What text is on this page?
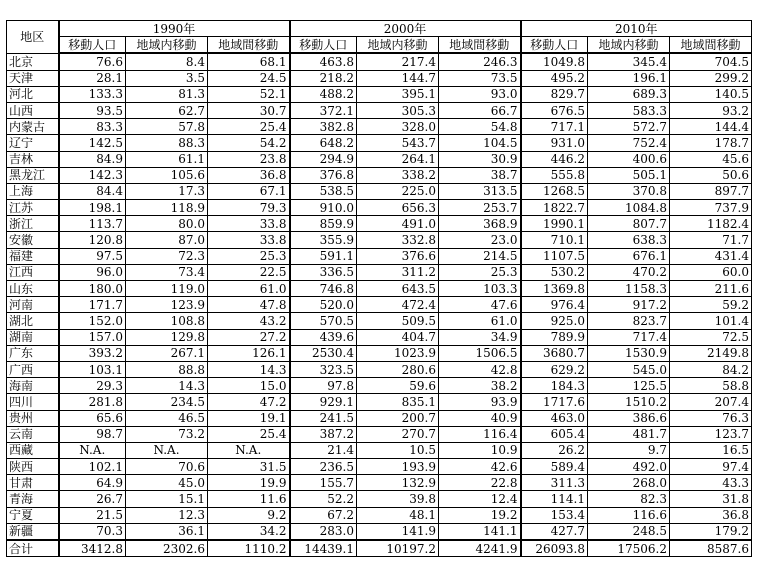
地区	1990年			2000年			2010年		
	移動人口	地域内移動	地域間移動	移動人口	地域内移動	地域間移動	移動人口	地域内移動	地域間移動
北京	76.6	8.4	68.1	463.8	217.4	246.3	1049.8	345.4	704.5
天津	28.1	3.5	24.5	218.2	144.7	73.5	495.2	196.1	299.2
河北	133.3	81.3	52.1	488.2	395.1	93.0	829.7	689.3	140.5
山西	93.5	62.7	30.7	372.1	305.3	66.7	676.5	583.3	93.2
内蒙古	83.3	57.8	25.4	382.8	328.0	54.8	717.1	572.7	144.4
辽宁	142.5	88.3	54.2	648.2	543.7	104.5	931.0	752.4	178.7
吉林	84.9	61.1	23.8	294.9	264.1	30.9	446.2	400.6	45.6
黑龙江	142.3	105.6	36.8	376.8	338.2	38.7	555.8	505.1	50.6
上海	84.4	17.3	67.1	538.5	225.0	313.5	1268.5	370.8	897.7
江苏	198.1	118.9	79.3	910.0	656.3	253.7	1822.7	1084.8	737.9
浙江	113.7	80.0	33.8	859.9	491.0	368.9	1990.1	807.7	1182.4
安徽	120.8	87.0	33.8	355.9	332.8	23.0	710.1	638.3	71.7
福建	97.5	72.3	25.3	591.1	376.6	214.5	1107.5	676.1	431.4
江西	96.0	73.4	22.5	336.5	311.2	25.3	530.2	470.2	60.0
山东	180.0	119.0	61.0	746.8	643.5	103.3	1369.8	1158.3	211.6
河南	171.7	123.9	47.8	520.0	472.4	47.6	976.4	917.2	59.2
湖北	152.0	108.8	43.2	570.5	509.5	61.0	925.0	823.7	101.4
湖南	157.0	129.8	27.2	439.6	404.7	34.9	789.9	717.4	72.5
广东	393.2	267.1	126.1	2530.4	1023.9	1506.5	3680.7	1530.9	2149.8
广西	103.1	88.8	14.3	323.5	280.6	42.8	629.2	545.0	84.2
海南	29.3	14.3	15.0	97.8	59.6	38.2	184.3	125.5	58.8
四川	281.8	234.5	47.2	929.1	835.1	93.9	1717.6	1510.2	207.4
贵州	65.6	46.5	19.1	241.5	200.7	40.9	463.0	386.6	76.3
云南	98.7	73.2	25.4	387.2	270.7	116.4	605.4	481.7	123.7
西藏	N.A.	N.A.	N.A.	21.4	10.5	10.9	26.2	9.7	16.5
陕西	102.1	70.6	31.5	236.5	193.9	42.6	589.4	492.0	97.4
甘肃	64.9	45.0	19.9	155.7	132.9	22.8	311.3	268.0	43.3
青海	26.7	15.1	11.6	52.2	39.8	12.4	114.1	82.3	31.8
宁夏	21.5	12.3	9.2	67.2	48.1	19.2	153.4	116.6	36.8
新疆	70.3	36.1	34.2	283.0	141.9	141.1	427.7	248.5	179.2
合计	3412.8	2302.6	1110.2	14439.1	10197.2	4241.9	26093.8	17506.2	8587.6
